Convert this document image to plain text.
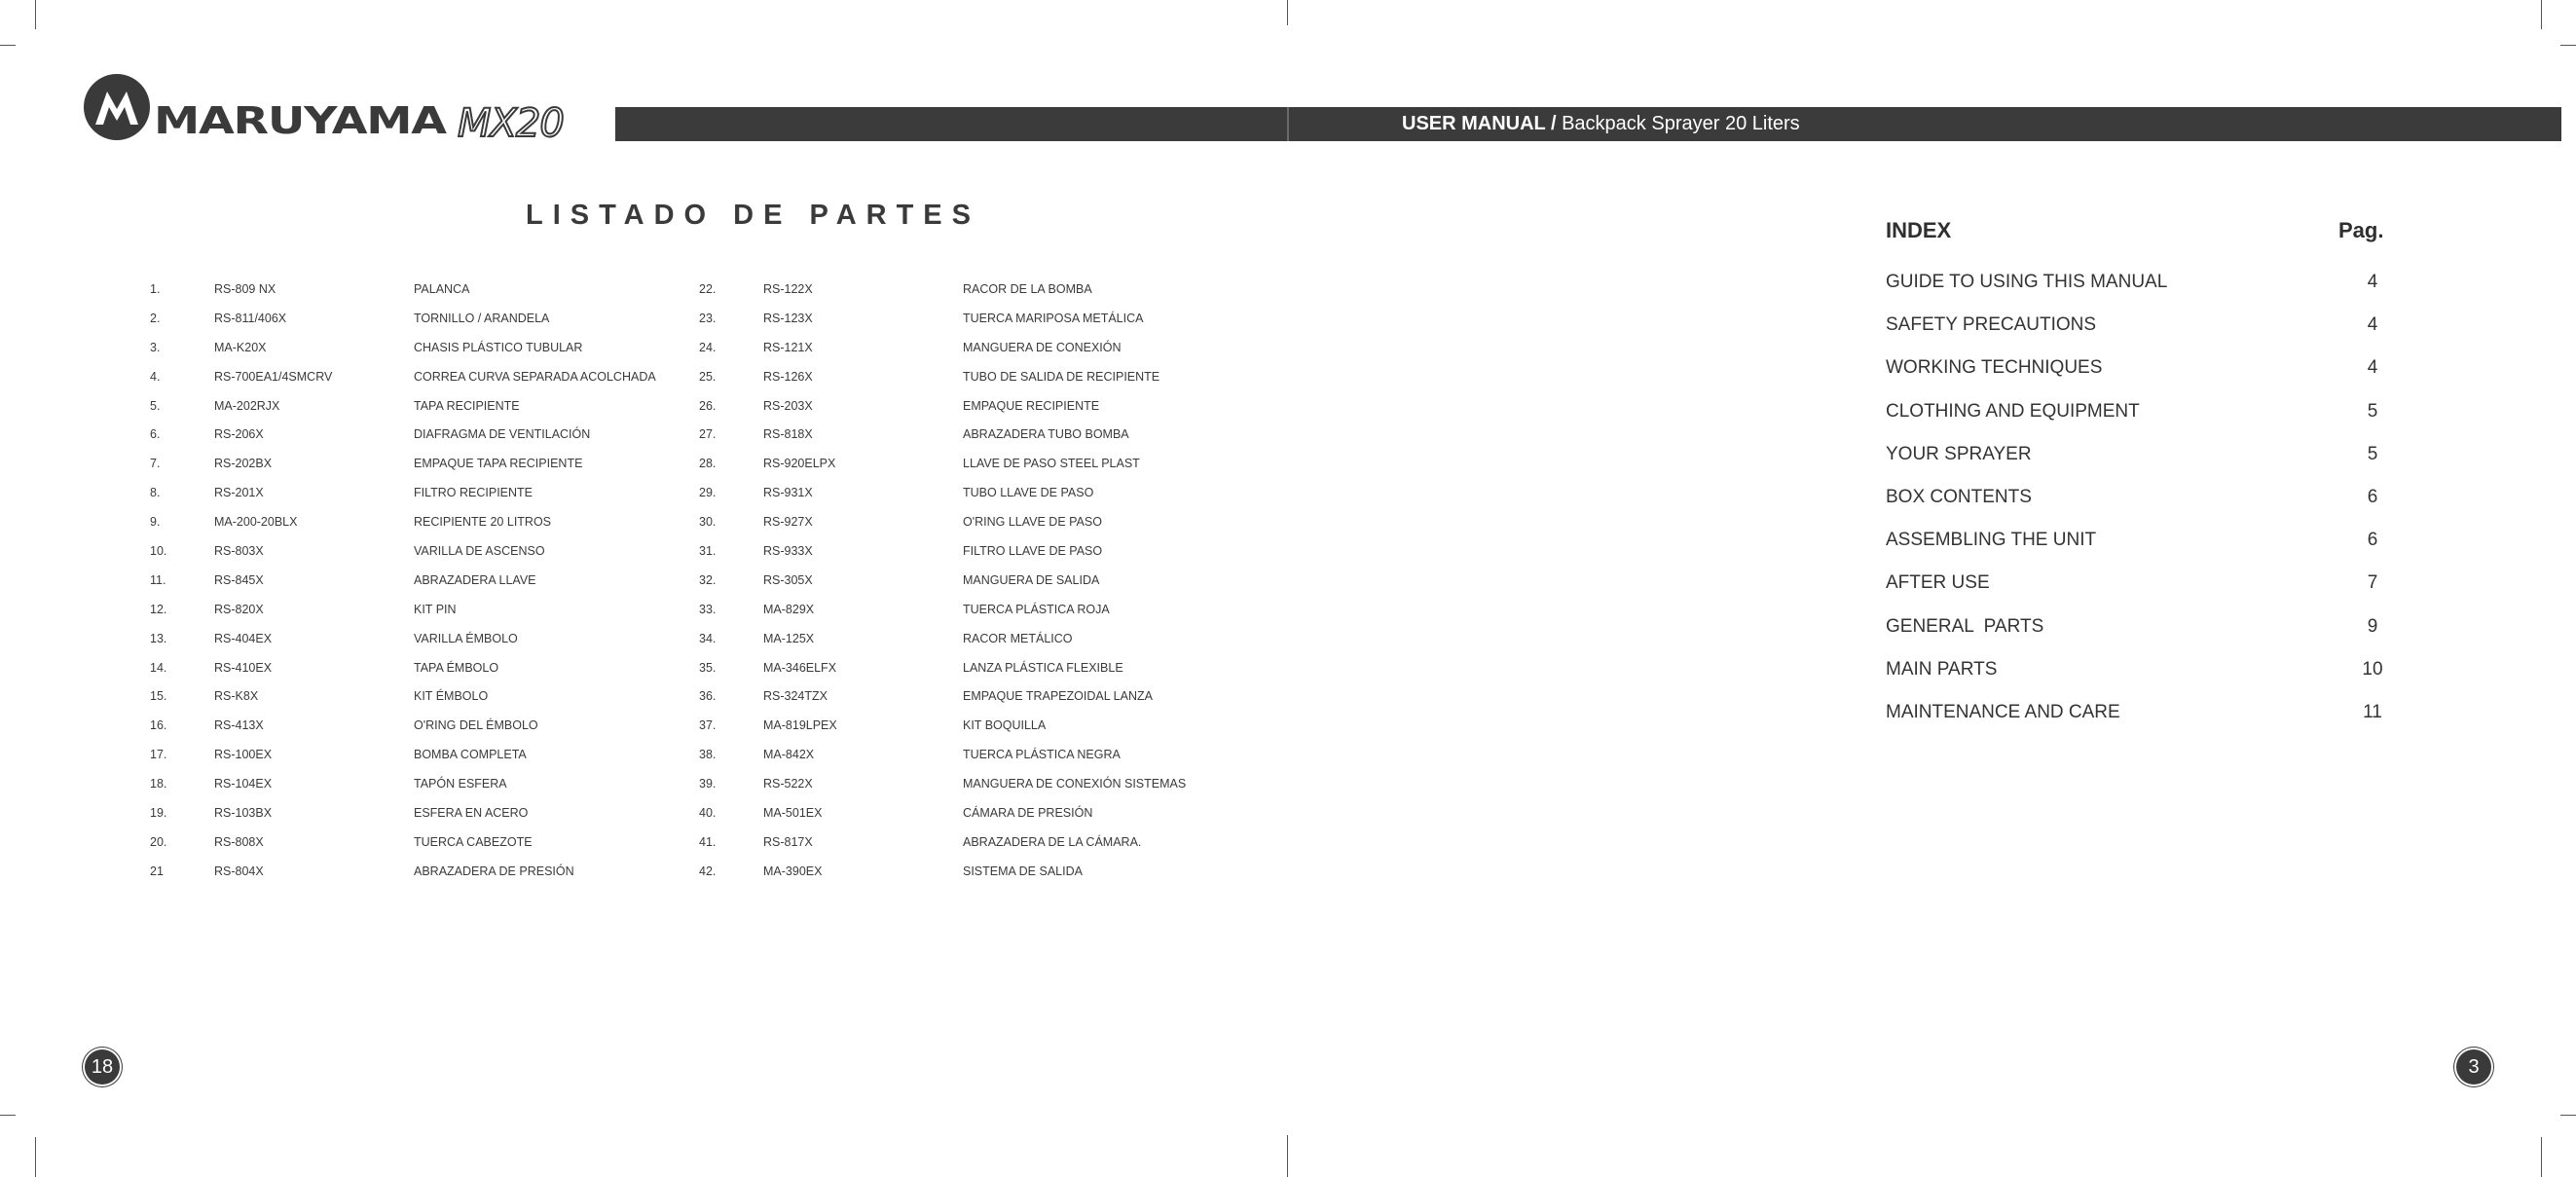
MARUYAMA MX20	USER MANUAL / Backpack Sprayer 20 Liters
LISTADO DE PARTES
1.	RS-809 NX	PALANCA
2.	RS-811/406X	TORNILLO / ARANDELA
3.	MA-K20X	CHASIS PLÁSTICO TUBULAR
4.	RS-700EA1/4SMCRV	CORREA CURVA SEPARADA ACOLCHADA
5.	MA-202RJX	TAPA RECIPIENTE
6.	RS-206X	DIAFRAGMA DE VENTILACIÓN
7.	RS-202BX	EMPAQUE TAPA RECIPIENTE
8.	RS-201X	FILTRO RECIPIENTE
9.	MA-200-20BLX	RECIPIENTE 20 LITROS
10.	RS-803X	VARILLA DE ASCENSO
11.	RS-845X	ABRAZADERA LLAVE
12.	RS-820X	KIT PIN
13.	RS-404EX	VARILLA ÉMBOLO
14.	RS-410EX	TAPA ÉMBOLO
15.	RS-K8X	KIT ÉMBOLO
16.	RS-413X	O'RING DEL ÉMBOLO
17.	RS-100EX	BOMBA COMPLETA
18.	RS-104EX	TAPÓN ESFERA
19.	RS-103BX	ESFERA EN ACERO
20.	RS-808X	TUERCA CABEZOTE
21	RS-804X	ABRAZADERA DE PRESIÓN
22.	RS-122X	RACOR DE LA BOMBA
23.	RS-123X	TUERCA MARIPOSA METÁLICA
24.	RS-121X	MANGUERA DE CONEXIÓN
25.	RS-126X	TUBO DE SALIDA DE RECIPIENTE
26.	RS-203X	EMPAQUE RECIPIENTE
27.	RS-818X	ABRAZADERA TUBO BOMBA
28.	RS-920ELPX	LLAVE DE PASO STEEL PLAST
29.	RS-931X	TUBO LLAVE DE PASO
30.	RS-927X	O'RING LLAVE DE PASO
31.	RS-933X	FILTRO LLAVE DE PASO
32.	RS-305X	MANGUERA DE SALIDA
33.	MA-829X	TUERCA PLÁSTICA ROJA
34.	MA-125X	RACOR METÁLICO
35.	MA-346ELFX	LANZA PLÁSTICA FLEXIBLE
36.	RS-324TZX	EMPAQUE TRAPEZOIDAL LANZA
37.	MA-819LPEX	KIT BOQUILLA
38.	MA-842X	TUERCA PLÁSTICA NEGRA
39.	RS-522X	MANGUERA DE CONEXIÓN SISTEMAS
40.	MA-501EX	CÁMARA DE PRESIÓN
41.	RS-817X	ABRAZADERA DE LA CÁMARA.
42.	MA-390EX	SISTEMA DE SALIDA
INDEX	Pag.
GUIDE TO USING THIS MANUAL	4
SAFETY PRECAUTIONS	4
WORKING TECHNIQUES	4
CLOTHING AND EQUIPMENT	5
YOUR SPRAYER	5
BOX CONTENTS	6
ASSEMBLING THE UNIT	6
AFTER USE	7
GENERAL  PARTS	9
MAIN PARTS	10
MAINTENANCE AND CARE	11
18	3
